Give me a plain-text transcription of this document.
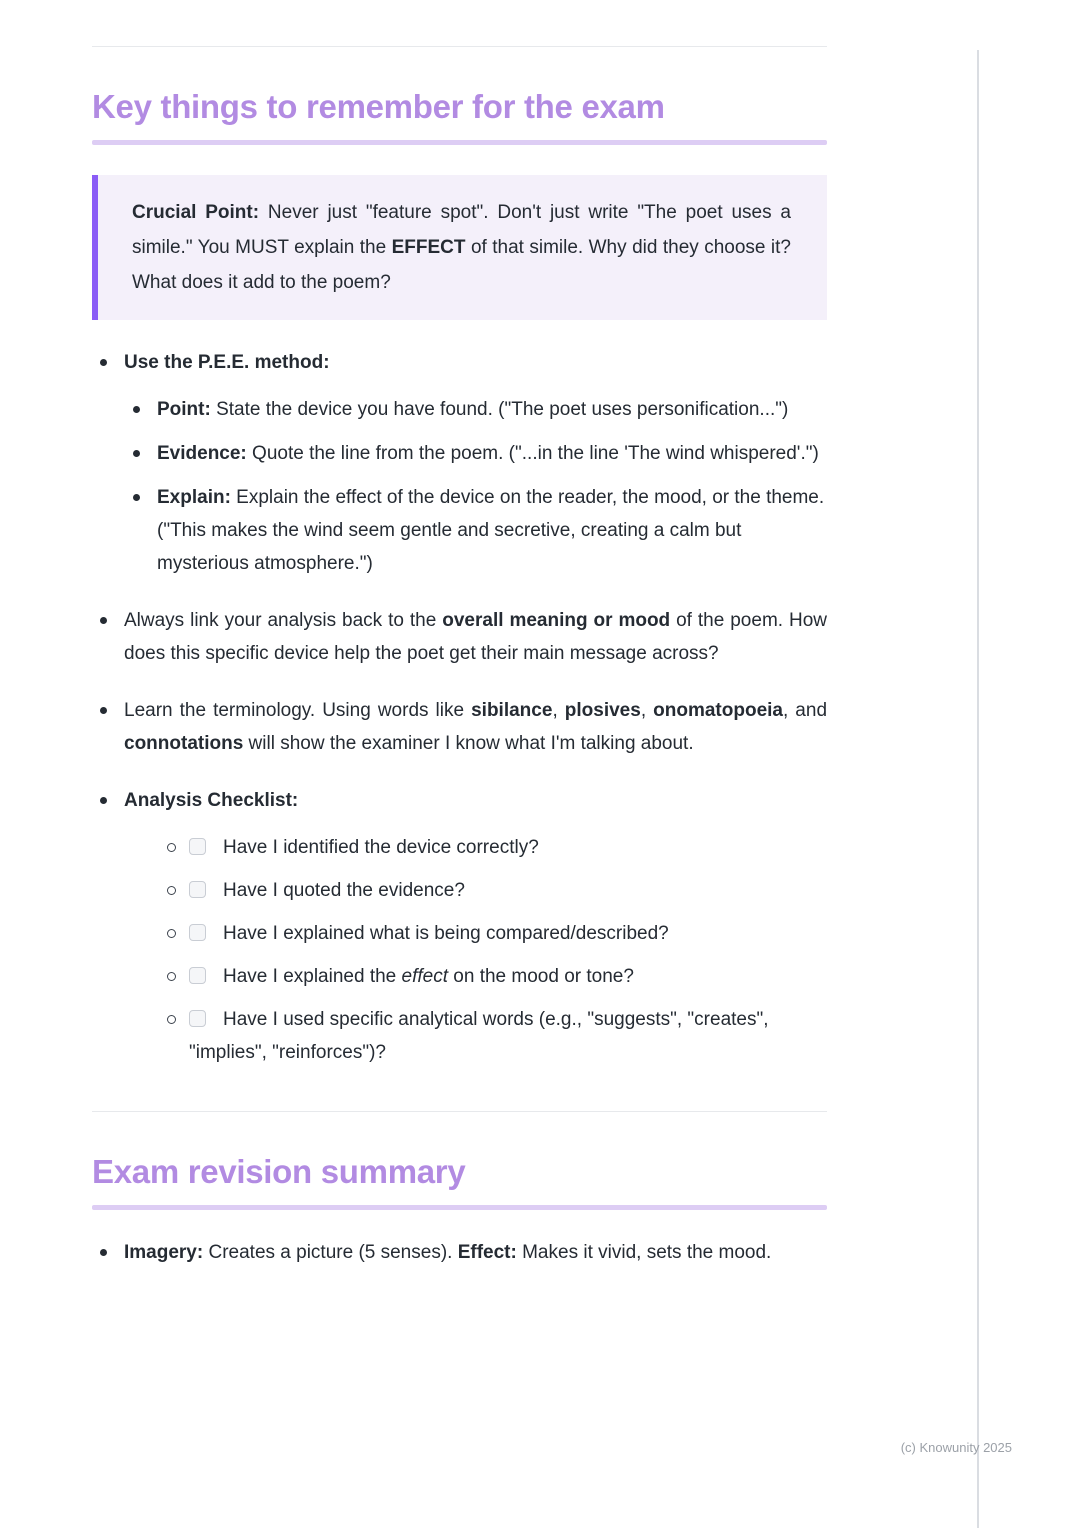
Key things to remember for the exam

Crucial Point: Never just "feature spot". Don't just write "The poet uses a simile." You MUST explain the EFFECT of that simile. Why did they choose it? What does it add to the poem?

Use the P.E.E. method:
Point: State the device you have found. ("The poet uses personification...")
Evidence: Quote the line from the poem. ("...in the line 'The wind whispered'.")
Explain: Explain the effect of the device on the reader, the mood, or the theme. ("This makes the wind seem gentle and secretive, creating a calm but mysterious atmosphere.")
Always link your analysis back to the overall meaning or mood of the poem. How does this specific device help the poet get their main message across?
Learn the terminology. Using words like sibilance, plosives, onomatopoeia, and connotations will show the examiner I know what I'm talking about.
Analysis Checklist:
Have I identified the device correctly?
Have I quoted the evidence?
Have I explained what is being compared/described?
Have I explained the effect on the mood or tone?
Have I used specific analytical words (e.g., "suggests", "creates", "implies", "reinforces")?
Exam revision summary
Imagery: Creates a picture (5 senses). Effect: Makes it vivid, sets the mood.
(c) Knowunity 2025
